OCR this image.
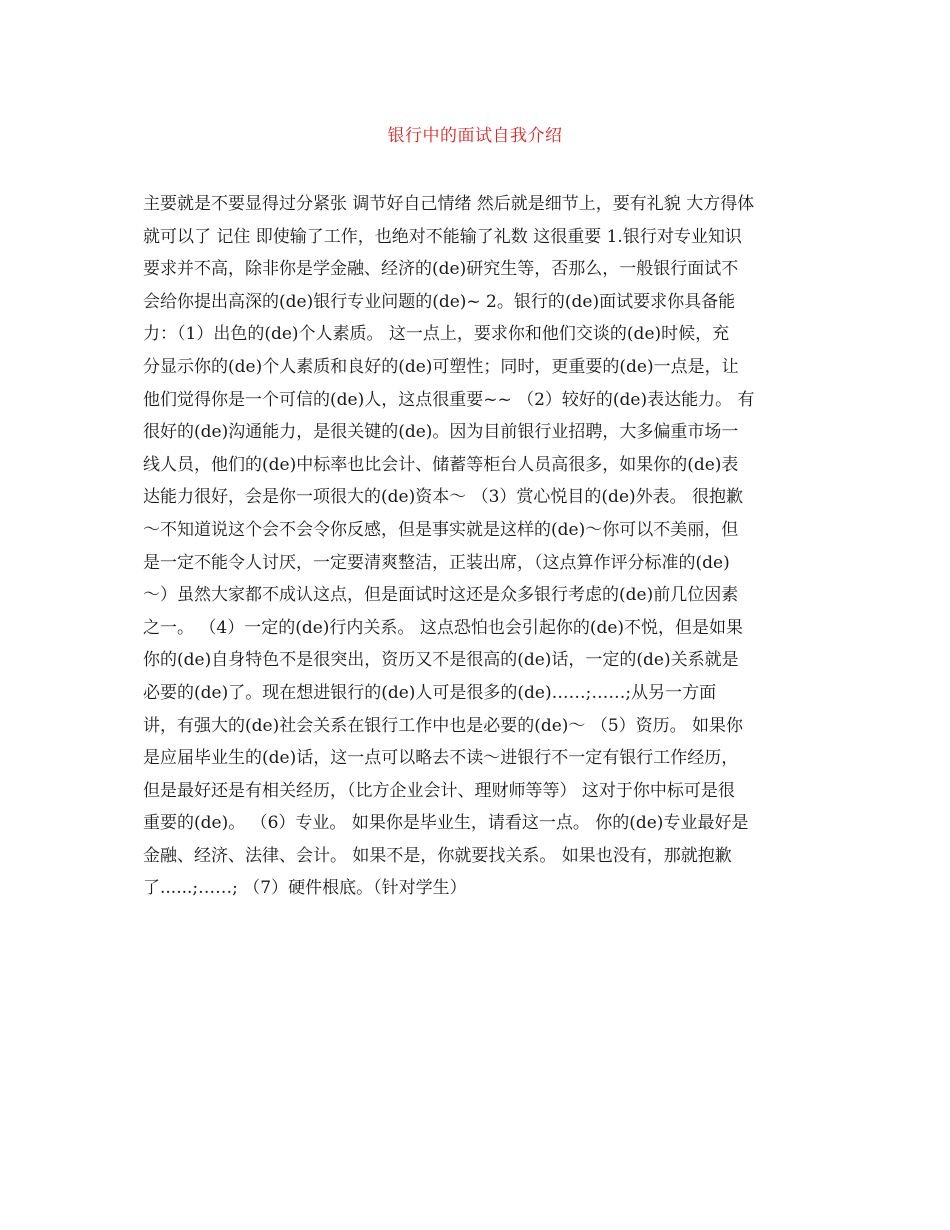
银行中的面试自我介绍
主要就是不要显得过分紧张 调节好自己情绪 然后就是细节上，要有礼貌 大方得体
就可以了 记住 即使输了工作，也绝对不能输了礼数 这很重要 1.银行对专业知识
要求并不高，除非你是学金融、经济的(de)研究生等，否那么，一般银行面试不
会给你提出高深的(de)银行专业问题的(de)~ 2。银行的(de)面试要求你具备能
力：（1）出色的(de)个人素质。 这一点上，要求你和他们交谈的(de)时候，充
分显示你的(de)个人素质和良好的(de)可塑性；同时，更重要的(de)一点是，让
他们觉得你是一个可信的(de)人，这点很重要~~ （2）较好的(de)表达能力。 有
很好的(de)沟通能力，是很关键的(de)。因为目前银行业招聘，大多偏重市场一
线人员，他们的(de)中标率也比会计、储蓄等柜台人员高很多，如果你的(de)表
达能力很好，会是你一项很大的(de)资本～ （3）赏心悦目的(de)外表。 很抱歉
～不知道说这个会不会令你反感，但是事实就是这样的(de)～你可以不美丽，但
是一定不能令人讨厌，一定要清爽整洁，正装出席，（这点算作评分标准的(de)
～）虽然大家都不成认这点，但是面试时这还是众多银行考虑的(de)前几位因素
之一。 （4）一定的(de)行内关系。 这点恐怕也会引起你的(de)不悦，但是如果
你的(de)自身特色不是很突出，资历又不是很高的(de)话，一定的(de)关系就是
必要的(de)了。现在想进银行的(de)人可是很多的(de)……;……;从另一方面
讲，有强大的(de)社会关系在银行工作中也是必要的(de)～ （5）资历。 如果你
是应届毕业生的(de)话，这一点可以略去不读～进银行不一定有银行工作经历，
但是最好还是有相关经历，（比方企业会计、理财师等等） 这对于你中标可是很
重要的(de)。 （6）专业。 如果你是毕业生，请看这一点。 你的(de)专业最好是
金融、经济、法律、会计。 如果不是，你就要找关系。 如果也没有，那就抱歉
了......;……; （7）硬件根底。（针对学生）
